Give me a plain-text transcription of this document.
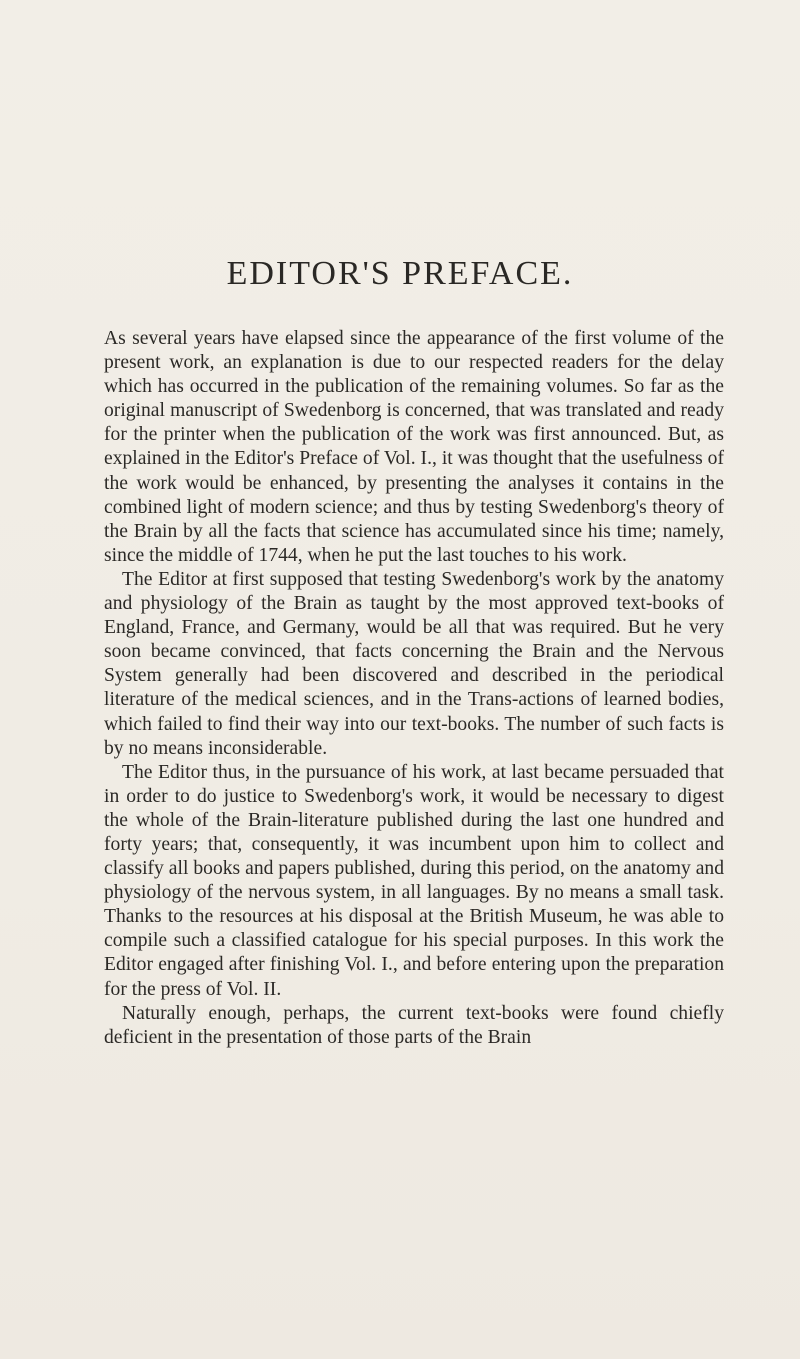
EDITOR'S PREFACE.

As several years have elapsed since the appearance of the first volume of the present work, an explanation is due to our respected readers for the delay which has occurred in the publication of the remaining volumes. So far as the original manuscript of Swedenborg is concerned, that was translated and ready for the printer when the publication of the work was first announced. But, as explained in the Editor's Preface of Vol. I., it was thought that the usefulness of the work would be enhanced, by presenting the analyses it contains in the combined light of modern science; and thus by testing Swedenborg's theory of the Brain by all the facts that science has accumulated since his time; namely, since the middle of 1744, when he put the last touches to his work.

The Editor at first supposed that testing Swedenborg's work by the anatomy and physiology of the Brain as taught by the most approved text-books of England, France, and Germany, would be all that was required. But he very soon became convinced, that facts concerning the Brain and the Nervous System generally had been discovered and described in the periodical literature of the medical sciences, and in the Trans-actions of learned bodies, which failed to find their way into our text-books. The number of such facts is by no means inconsiderable.

The Editor thus, in the pursuance of his work, at last became persuaded that in order to do justice to Swedenborg's work, it would be necessary to digest the whole of the Brain-literature published during the last one hundred and forty years; that, consequently, it was incumbent upon him to collect and classify all books and papers published, during this period, on the anatomy and physiology of the nervous system, in all languages. By no means a small task. Thanks to the resources at his disposal at the British Museum, he was able to compile such a classified catalogue for his special purposes. In this work the Editor engaged after finishing Vol. I., and before entering upon the preparation for the press of Vol. II.

Naturally enough, perhaps, the current text-books were found chiefly deficient in the presentation of those parts of the Brain
